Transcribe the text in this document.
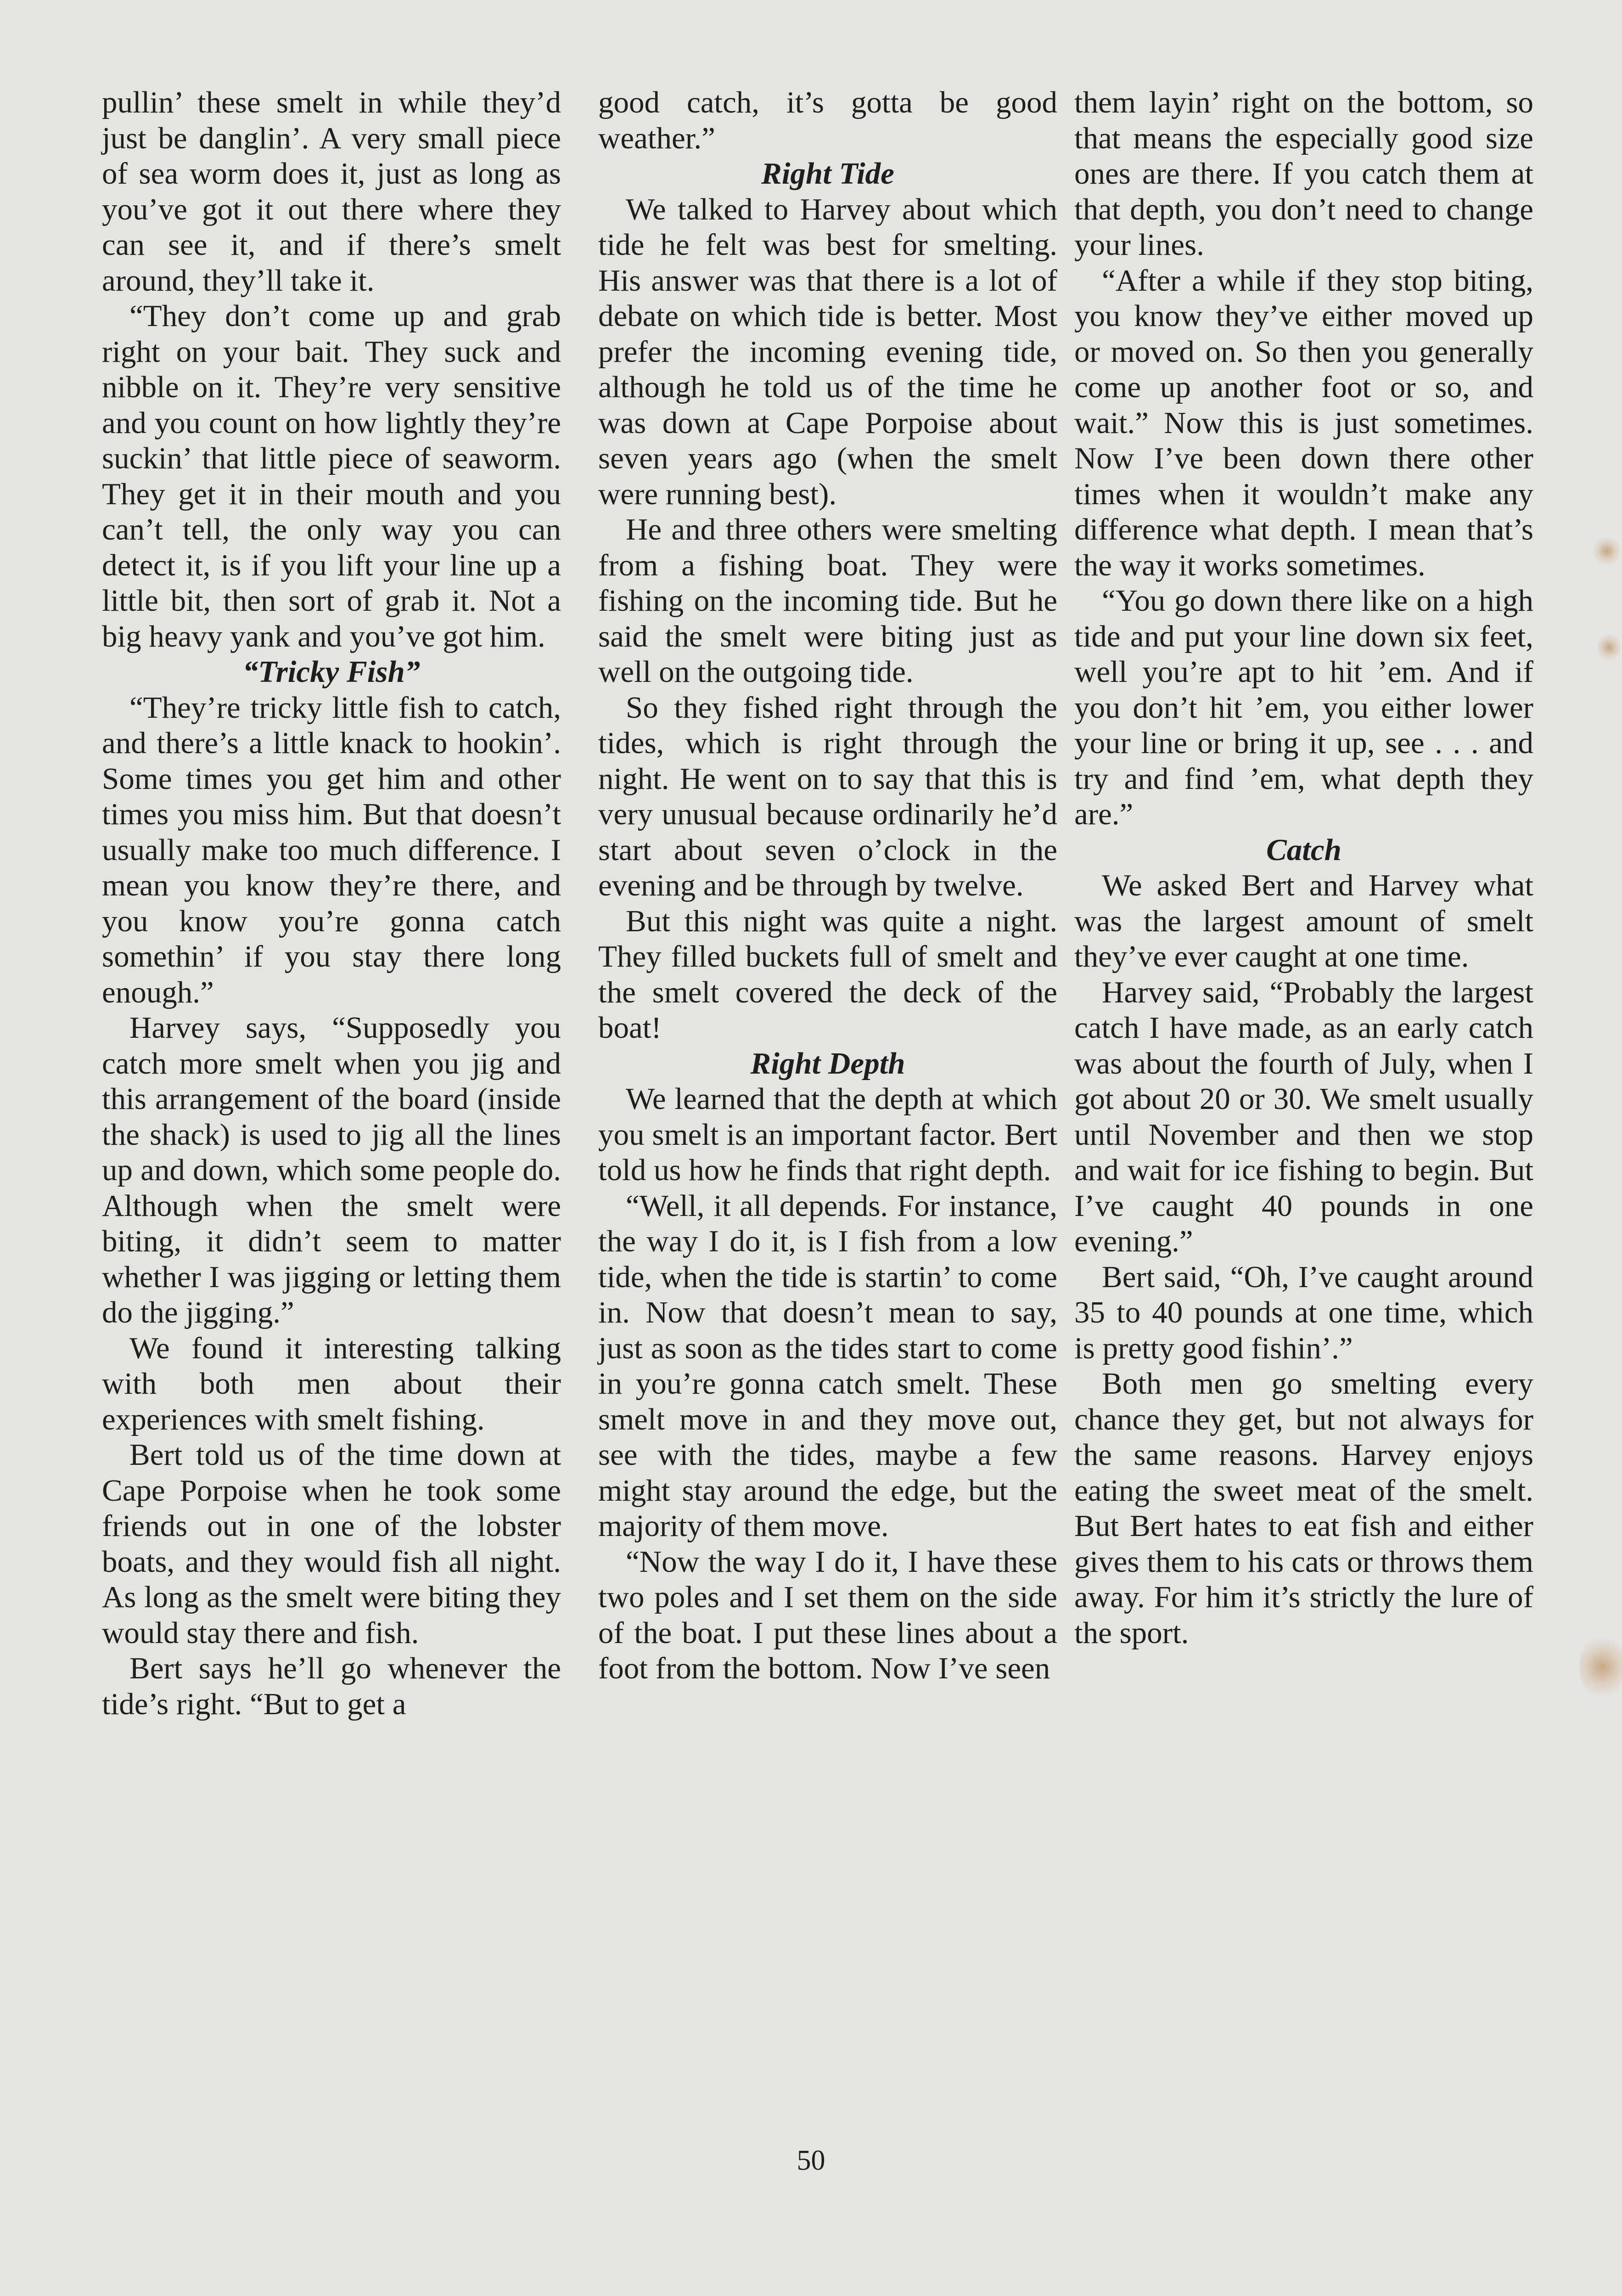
pullin’ these smelt in while they’d just be danglin’. A very small piece of sea worm does it, just as long as you’ve got it out there where they can see it, and if there’s smelt around, they’ll take it.

“They don’t come up and grab right on your bait. They suck and nibble on it. They’re very sensitive and you count on how lightly they’re suckin’ that little piece of seaworm. They get it in their mouth and you can’t tell, the only way you can detect it, is if you lift your line up a little bit, then sort of grab it. Not a big heavy yank and you’ve got him.

“Tricky Fish”

“They’re tricky little fish to catch, and there’s a little knack to hookin’. Some times you get him and other times you miss him. But that doesn’t usually make too much difference. I mean you know they’re there, and you know you’re gonna catch somethin’ if you stay there long enough.”

Harvey says, “Supposedly you catch more smelt when you jig and this arrangement of the board (inside the shack) is used to jig all the lines up and down, which some people do. Although when the smelt were biting, it didn’t seem to matter whether I was jigging or letting them do the jigging.”

We found it interesting talking with both men about their experiences with smelt fishing.

Bert told us of the time down at Cape Porpoise when he took some friends out in one of the lobster boats, and they would fish all night. As long as the smelt were biting they would stay there and fish.

Bert says he’ll go whenever the tide’s right. “But to get a

good catch, it’s gotta be good weather.”

Right Tide

We talked to Harvey about which tide he felt was best for smelting. His answer was that there is a lot of debate on which tide is better. Most prefer the incoming evening tide, although he told us of the time he was down at Cape Porpoise about seven years ago (when the smelt were running best).

He and three others were smelting from a fishing boat. They were fishing on the incoming tide. But he said the smelt were biting just as well on the outgoing tide.

So they fished right through the tides, which is right through the night. He went on to say that this is very unusual because ordinarily he’d start about seven o’clock in the evening and be through by twelve.

But this night was quite a night. They filled buckets full of smelt and the smelt covered the deck of the boat!

Right Depth

We learned that the depth at which you smelt is an important factor. Bert told us how he finds that right depth.

“Well, it all depends. For instance, the way I do it, is I fish from a low tide, when the tide is startin’ to come in. Now that doesn’t mean to say, just as soon as the tides start to come in you’re gonna catch smelt. These smelt move in and they move out, see with the tides, maybe a few might stay around the edge, but the majority of them move.

“Now the way I do it, I have these two poles and I set them on the side of the boat. I put these lines about a foot from the bottom. Now I’ve seen

them layin’ right on the bottom, so that means the especially good size ones are there. If you catch them at that depth, you don’t need to change your lines.

“After a while if they stop biting, you know they’ve either moved up or moved on. So then you generally come up another foot or so, and wait.” Now this is just sometimes. Now I’ve been down there other times when it wouldn’t make any difference what depth. I mean that’s the way it works sometimes.

“You go down there like on a high tide and put your line down six feet, well you’re apt to hit ’em. And if you don’t hit ’em, you either lower your line or bring it up, see . . . and try and find ’em, what depth they are.”

Catch

We asked Bert and Harvey what was the largest amount of smelt they’ve ever caught at one time.

Harvey said, “Probably the largest catch I have made, as an early catch was about the fourth of July, when I got about 20 or 30. We smelt usually until November and then we stop and wait for ice fishing to begin. But I’ve caught 40 pounds in one evening.”

Bert said, “Oh, I’ve caught around 35 to 40 pounds at one time, which is pretty good fishin’.”

Both men go smelting every chance they get, but not always for the same reasons. Harvey enjoys eating the sweet meat of the smelt. But Bert hates to eat fish and either gives them to his cats or throws them away. For him it’s strictly the lure of the sport.

50
